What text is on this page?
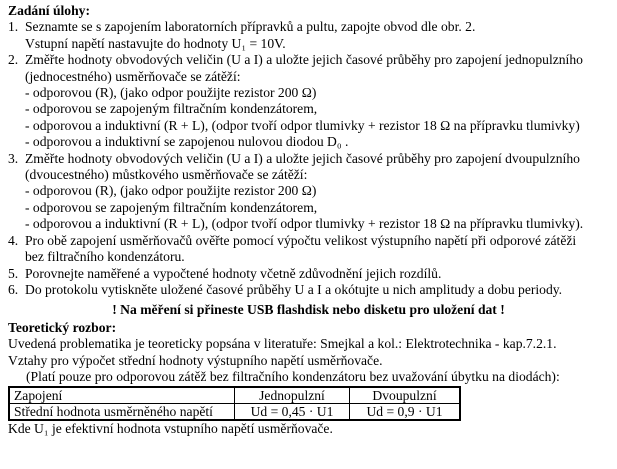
Zadání úlohy:
1. Seznamte se s zapojením laboratorních přípravků a pultu, zapojte obvod dle obr. 2.
Vstupní napětí nastavujte do hodnoty U₁ = 10V.
2. Změřte hodnoty obvodových veličin (U a I) a uložte jejich časové průběhy pro zapojení jednopulzního
(jednocestného) usměrňovače se zátěží:
- odporovou (R), (jako odpor použijte rezistor 200 Ω)
- odporovou se zapojeným filtračním kondenzátorem,
- odporovou a induktivní (R + L), (odpor tvoří odpor tlumivky + rezistor 18 Ω na přípravku tlumivky)
- odporovou a induktivní se zapojenou nulovou diodou D₀ .
3. Změřte hodnoty obvodových veličin (U a I) a uložte jejich časové průběhy pro zapojení dvoupulzního
(dvoucestného) můstkového usměrňovače se zátěží:
- odporovou (R), (jako odpor použijte rezistor 200 Ω)
- odporovou se zapojeným filtračním kondenzátorem,
- odporovou a induktivní (R + L), (odpor tvoří odpor tlumivky + rezistor 18 Ω na přípravku tlumivky).
4. Pro obě zapojení usměrňovačů ověřte pomocí výpočtu velikost výstupního napětí při odporové zátěži
bez filtračního kondenzátoru.
5. Porovnejte naměřené a vypočtené hodnoty včetně zdůvodnění jejich rozdílů.
6. Do protokolu vytiskněte uložené časové průběhy U a I a okótujte u nich amplitudy a dobu periody.
! Na měření si přineste USB flashdisk nebo disketu pro uložení dat !
Teoretický rozbor:
Uvedená problematika je teoreticky popsána v literatuře: Smejkal a kol.: Elektrotechnika - kap.7.2.1.
Vztahy pro výpočet střední hodnoty výstupního napětí usměrňovače.
(Platí pouze pro odporovou zátěž bez filtračního kondenzátoru bez uvažování úbytku na diodách):
Zapojení	Jednopulzní	Dvoupulzní
Střední hodnota usměrněného napětí	Ud = 0,45 · U1	Ud = 0,9 · U1
Kde U₁ je efektivní hodnota vstupního napětí usměrňovače.
